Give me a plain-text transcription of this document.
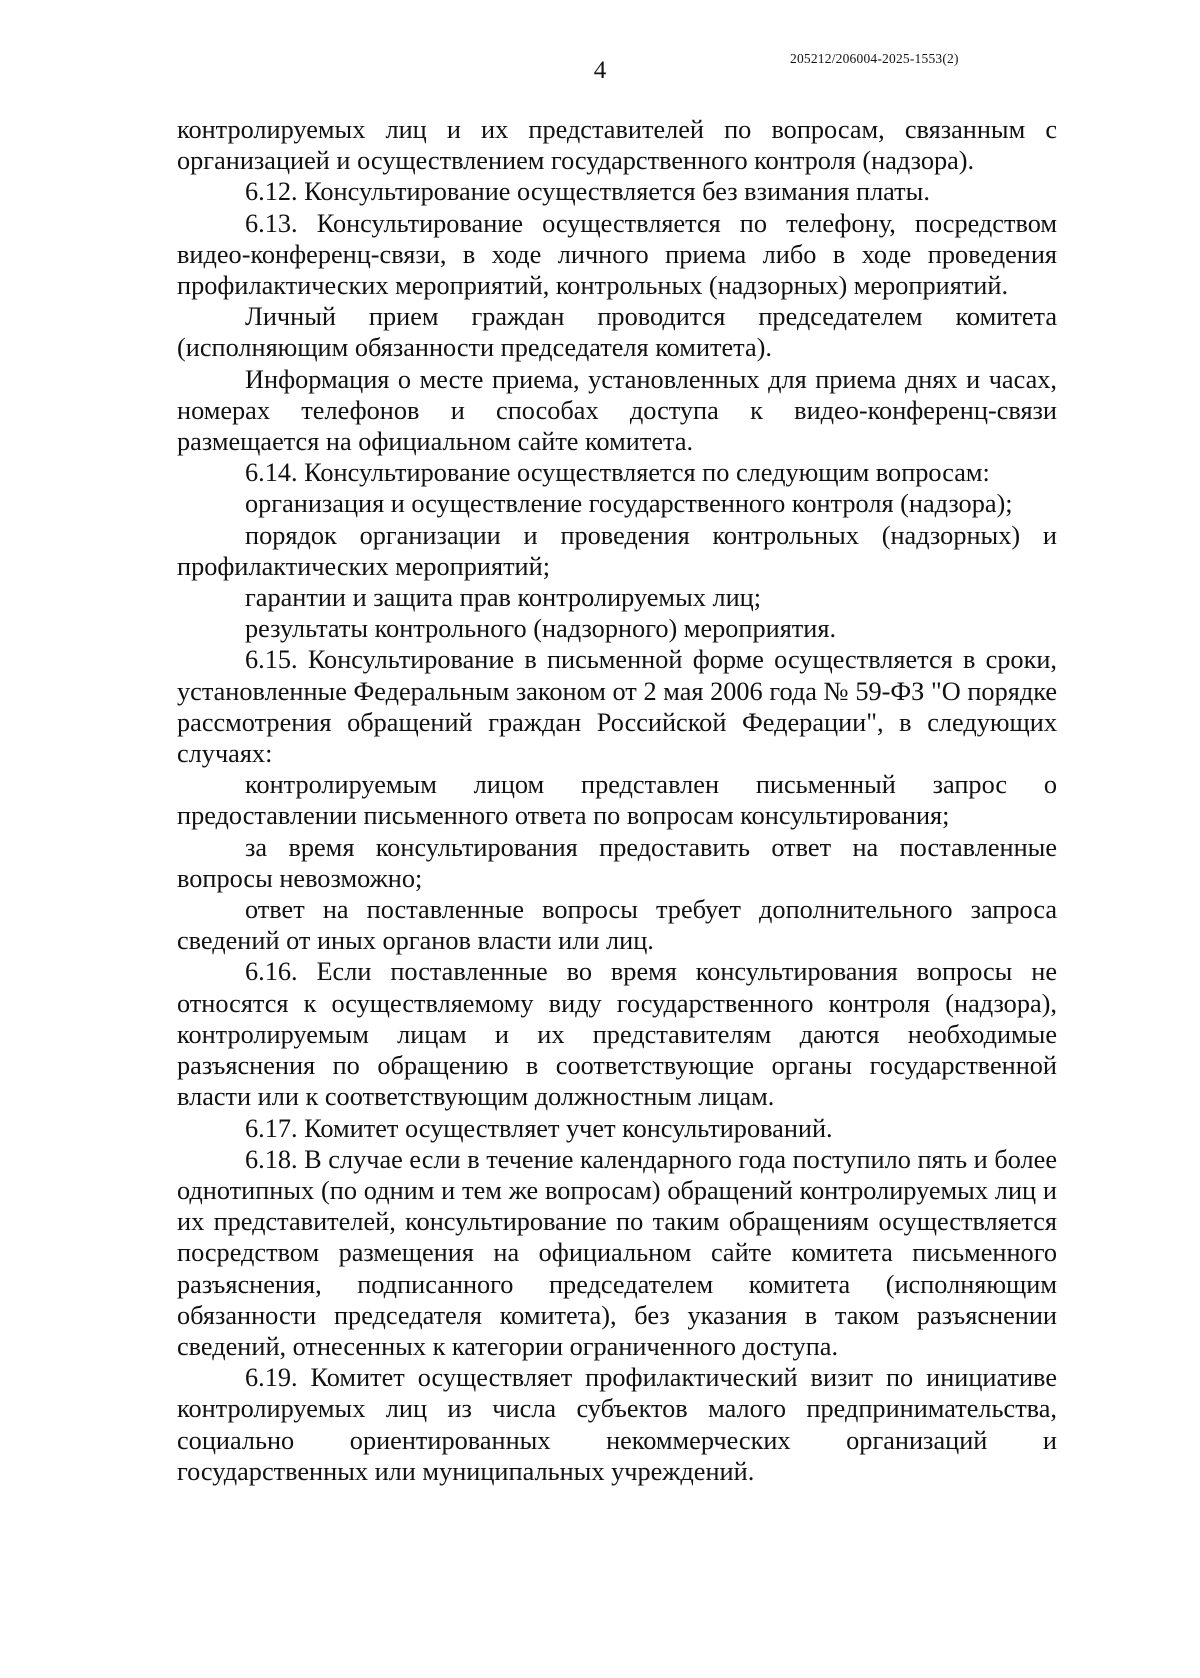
4	205212/206004-2025-1553(2)

контролируемых лиц и их представителей по вопросам, связанным с организацией и осуществлением государственного контроля (надзора).

6.12. Консультирование осуществляется без взимания платы.

6.13. Консультирование осуществляется по телефону, посредством видео-конференц-связи, в ходе личного приема либо в ходе проведения профилактических мероприятий, контрольных (надзорных) мероприятий.

Личный прием граждан проводится председателем комитета (исполняющим обязанности председателя комитета).

Информация о месте приема, установленных для приема днях и часах, номерах телефонов и способах доступа к видео-конференц-связи размещается на официальном сайте комитета.

6.14. Консультирование осуществляется по следующим вопросам:

организация и осуществление государственного контроля (надзора);

порядок организации и проведения контрольных (надзорных) и профилактических мероприятий;

гарантии и защита прав контролируемых лиц;

результаты контрольного (надзорного) мероприятия.

6.15. Консультирование в письменной форме осуществляется в сроки, установленные Федеральным законом от 2 мая 2006 года № 59-ФЗ "О порядке рассмотрения обращений граждан Российской Федерации", в следующих случаях:

контролируемым лицом представлен письменный запрос о предоставлении письменного ответа по вопросам консультирования;

за время консультирования предоставить ответ на поставленные вопросы невозможно;

ответ на поставленные вопросы требует дополнительного запроса сведений от иных органов власти или лиц.

6.16. Если поставленные во время консультирования вопросы не относятся к осуществляемому виду государственного контроля (надзора), контролируемым лицам и их представителям даются необходимые разъяснения по обращению в соответствующие органы государственной власти или к соответствующим должностным лицам.

6.17. Комитет осуществляет учет консультирований.

6.18. В случае если в течение календарного года поступило пять и более однотипных (по одним и тем же вопросам) обращений контролируемых лиц и их представителей, консультирование по таким обращениям осуществляется посредством размещения на официальном сайте комитета письменного разъяснения, подписанного председателем комитета (исполняющим обязанности председателя комитета), без указания в таком разъяснении сведений, отнесенных к категории ограниченного доступа.

6.19. Комитет осуществляет профилактический визит по инициативе контролируемых лиц из числа субъектов малого предпринимательства, социально ориентированных некоммерческих организаций и государственных или муниципальных учреждений.
